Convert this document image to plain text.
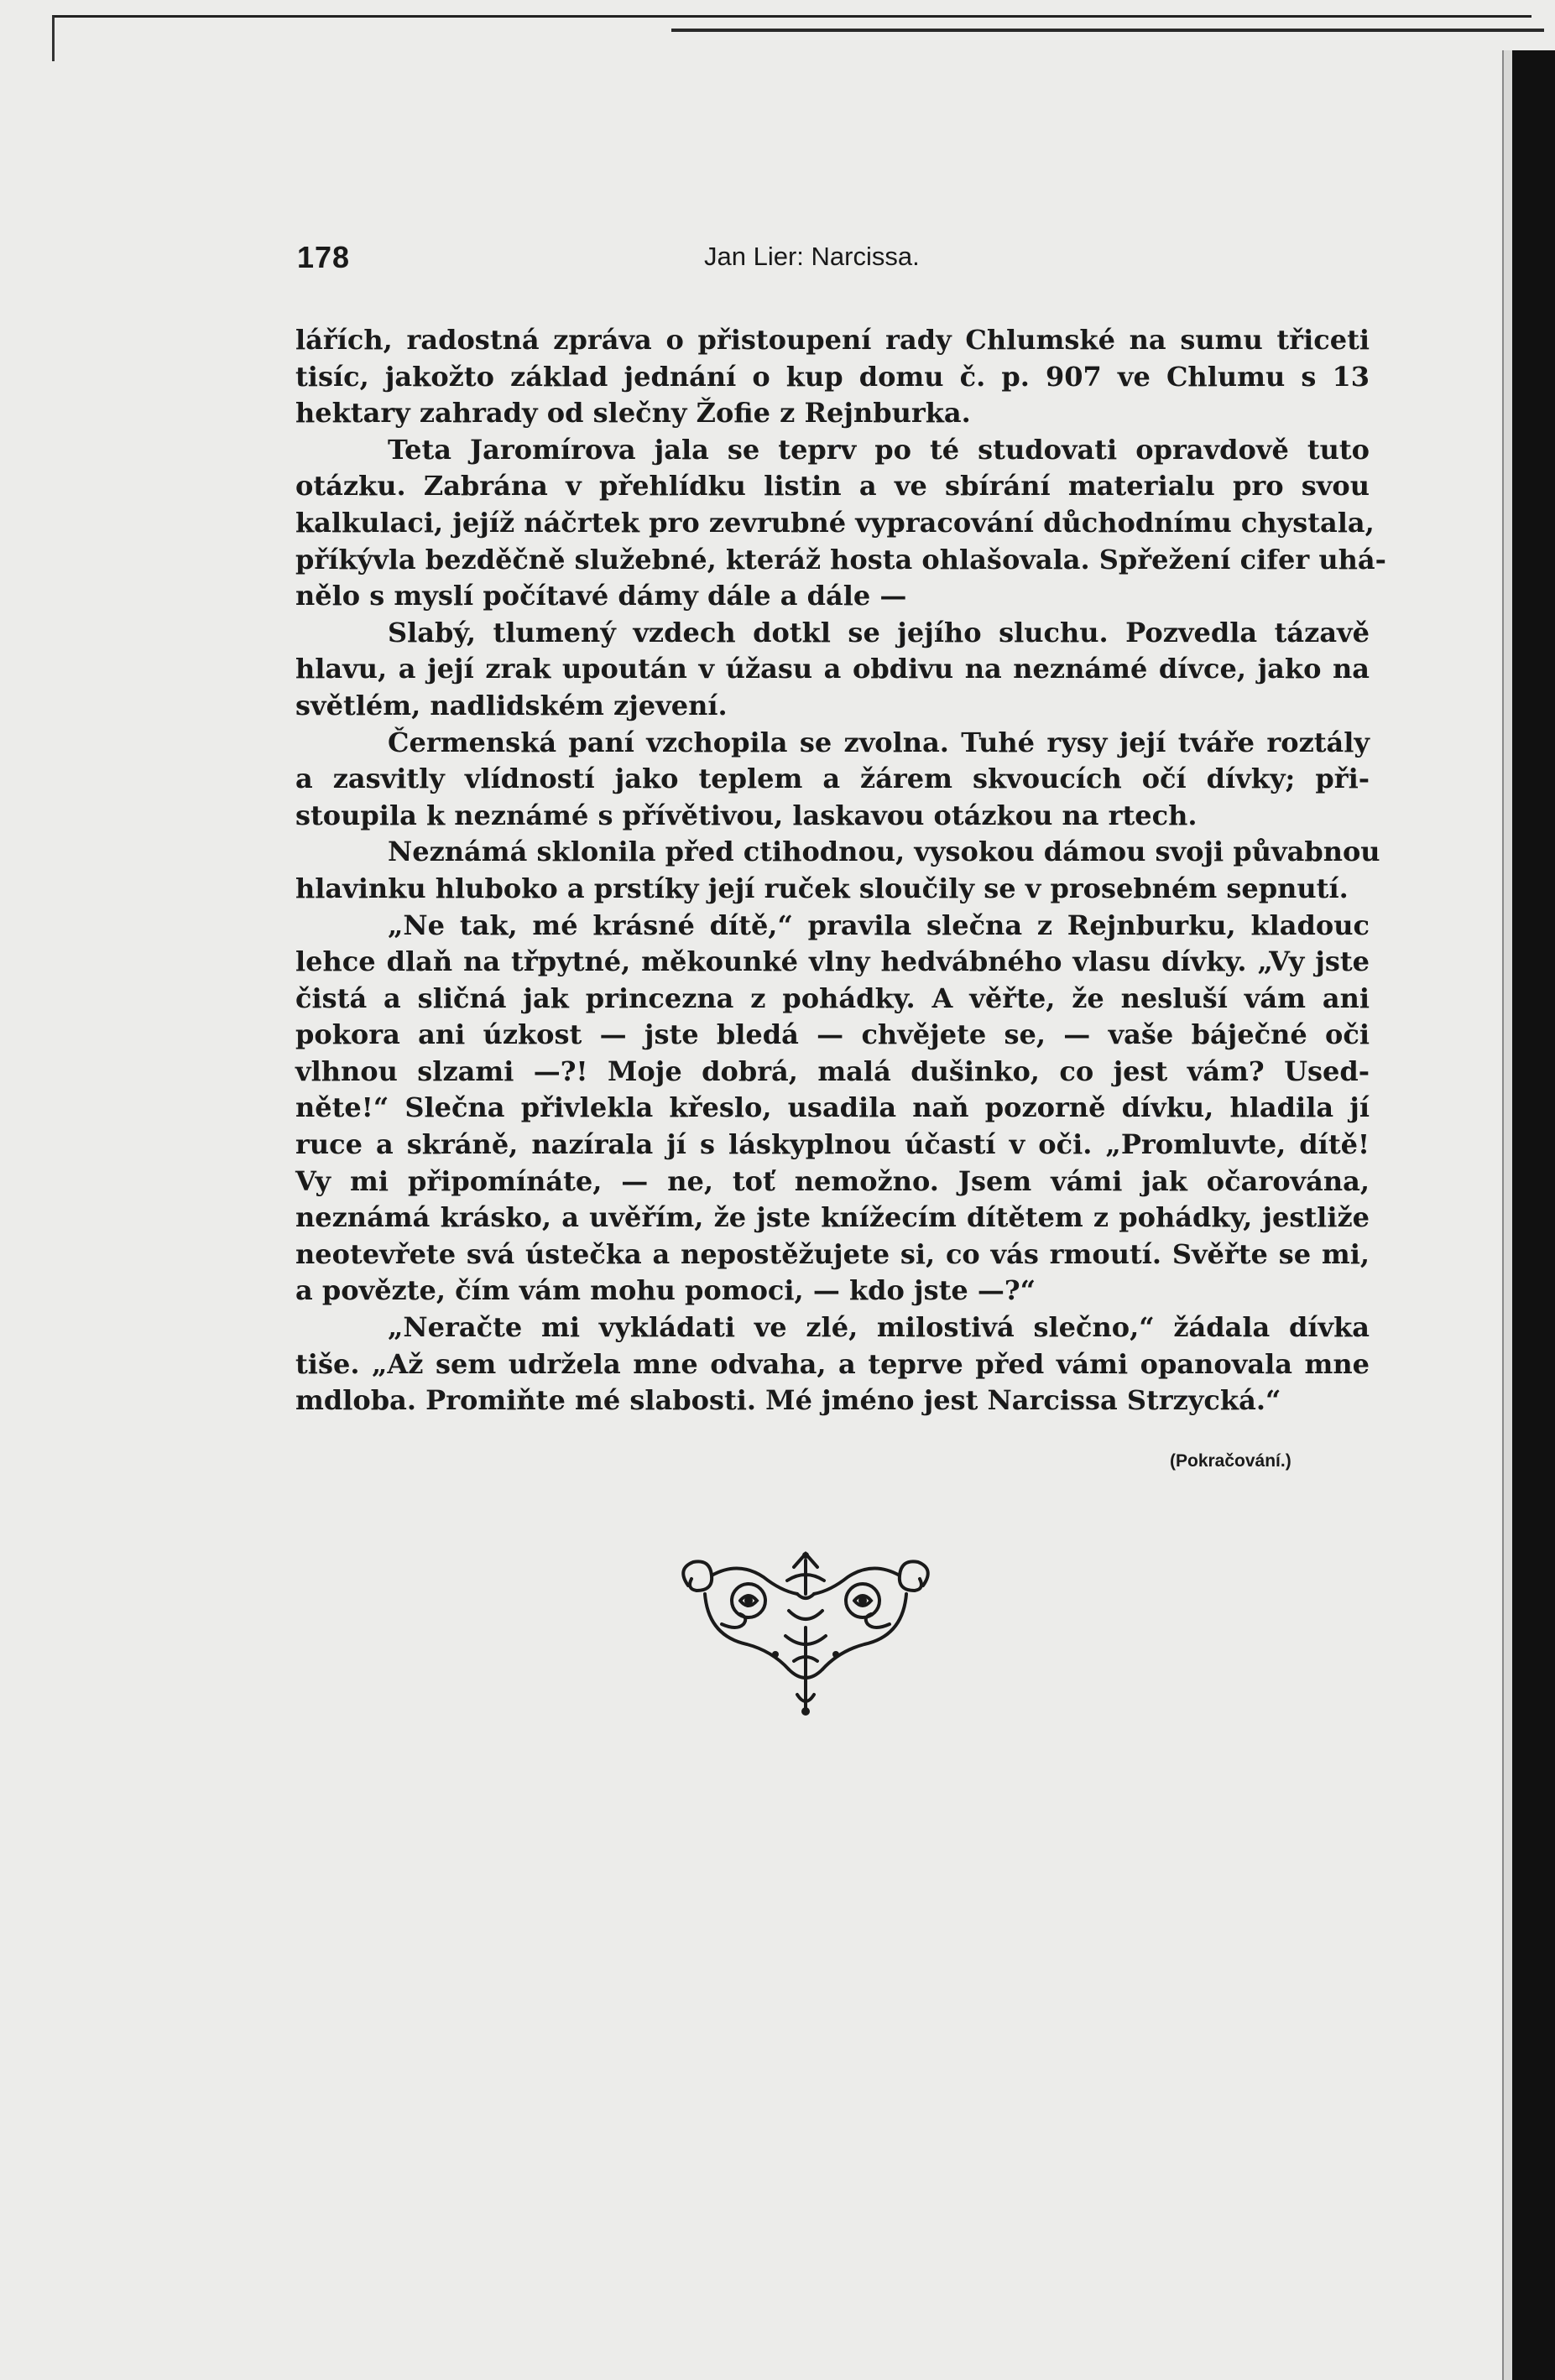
178	Jan Lier: Narcissa.
lářích, radostná zpráva o přistoupení rady Chlumské na sumu třiceti
tisíc, jakožto základ jednání o kup domu č. p. 907 ve Chlumu s 13
hektary zahrady od slečny Žofie z Rejnburka.
Teta Jaromírova jala se teprv po té studovati opravdově tuto
otázku. Zabrána v přehlídku listin a ve sbírání materialu pro svou
kalkulaci, jejíž náčrtek pro zevrubné vypracování důchodnímu chystala,
příkývla bezděčně služebné, kteráž hosta ohlašovala. Spřežení cifer uhá-
nělo s myslí počítavé dámy dále a dále —
Slabý, tlumený vzdech dotkl se jejího sluchu. Pozvedla tázavě
hlavu, a její zrak upoután v úžasu a obdivu na neznámé dívce, jako na
světlém, nadlidském zjevení.
Čermenská paní vzchopila se zvolna. Tuhé rysy její tváře roztály
a zasvitly vlídností jako teplem a žárem skvoucích očí dívky; při-
stoupila k neznámé s přívětivou, laskavou otázkou na rtech.
Neznámá sklonila před ctihodnou, vysokou dámou svoji půvabnou
hlavinku hluboko a prstíky její ruček sloučily se v prosebném sepnutí.
„Ne tak, mé krásné dítě,“ pravila slečna z Rejnburku, kladouc
lehce dlaň na třpytné, měkounké vlny hedvábného vlasu dívky. „Vy jste
čistá a sličná jak princezna z pohádky. A věřte, že nesluší vám ani
pokora ani úzkost — jste bledá — chvějete se, — vaše báječné oči
vlhnou slzami —?! Moje dobrá, malá dušinko, co jest vám? Used-
něte!“ Slečna přivlekla křeslo, usadila naň pozorně dívku, hladila jí
ruce a skráně, nazírala jí s láskyplnou účastí v oči. „Promluvte, dítě!
Vy mi připomínáte, — ne, toť nemožno. Jsem vámi jak očarována,
neznámá krásko, a uvěřím, že jste knížecím dítětem z pohádky, jestliže
neotevřete svá ústečka a nepostěžujete si, co vás rmoutí. Svěřte se mi,
a povězte, čím vám mohu pomoci, — kdo jste —?“
„Neračte mi vykládati ve zlé, milostivá slečno,“ žádala dívka
tiše. „Až sem udržela mne odvaha, a teprve před vámi opanovala mne
mdloba. Promiňte mé slabosti. Mé jméno jest Narcissa Strzycká.“
(Pokračování.)
